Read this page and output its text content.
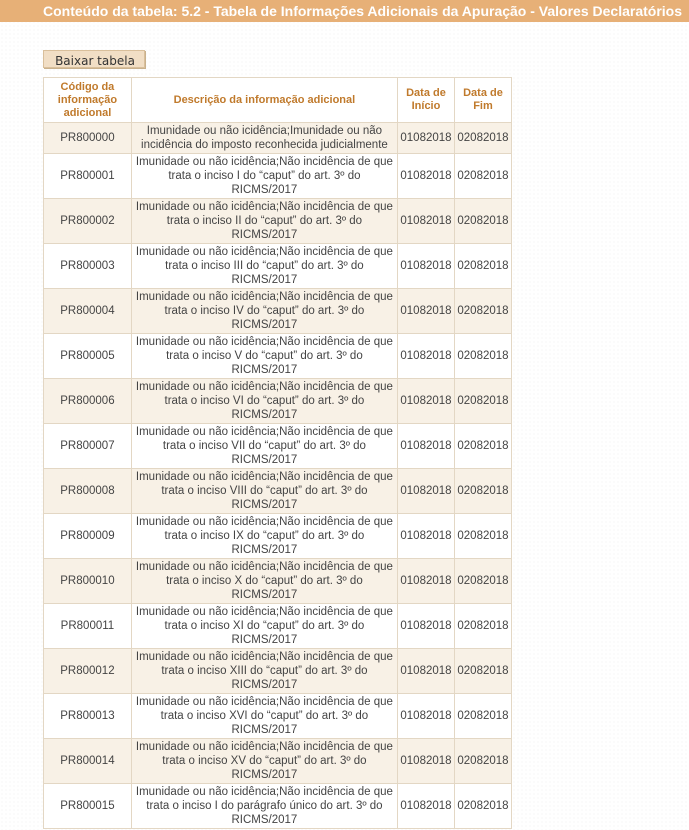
Conteúdo da tabela: 5.2 - Tabela de Informações Adicionais da Apuração - Valores Declaratórios
Baixar tabela
Código da informação adicional	Descrição da informação adicional	Data de Início	Data de Fim
PR800000	Imunidade ou não icidência;Imunidade ou não incidência do imposto reconhecida judicialmente	01082018	02082018
PR800001	Imunidade ou não icidência;Não incidência de que trata o inciso I do “caput” do art. 3º do RICMS/2017	01082018	02082018
PR800002	Imunidade ou não icidência;Não incidência de que trata o inciso II do “caput” do art. 3º do RICMS/2017	01082018	02082018
PR800003	Imunidade ou não icidência;Não incidência de que trata o inciso III do “caput” do art. 3º do RICMS/2017	01082018	02082018
PR800004	Imunidade ou não icidência;Não incidência de que trata o inciso IV do “caput” do art. 3º do RICMS/2017	01082018	02082018
PR800005	Imunidade ou não icidência;Não incidência de que trata o inciso V do “caput” do art. 3º do RICMS/2017	01082018	02082018
PR800006	Imunidade ou não icidência;Não incidência de que trata o inciso VI do “caput” do art. 3º do RICMS/2017	01082018	02082018
PR800007	Imunidade ou não icidência;Não incidência de que trata o inciso VII do “caput” do art. 3º do RICMS/2017	01082018	02082018
PR800008	Imunidade ou não icidência;Não incidência de que trata o inciso VIII do “caput” do art. 3º do RICMS/2017	01082018	02082018
PR800009	Imunidade ou não icidência;Não incidência de que trata o inciso IX do “caput” do art. 3º do RICMS/2017	01082018	02082018
PR800010	Imunidade ou não icidência;Não incidência de que trata o inciso X do “caput” do art. 3º do RICMS/2017	01082018	02082018
PR800011	Imunidade ou não icidência;Não incidência de que trata o inciso XI do “caput” do art. 3º do RICMS/2017	01082018	02082018
PR800012	Imunidade ou não icidência;Não incidência de que trata o inciso XIII do “caput” do art. 3º do RICMS/2017	01082018	02082018
PR800013	Imunidade ou não icidência;Não incidência de que trata o inciso XVI do “caput” do art. 3º do RICMS/2017	01082018	02082018
PR800014	Imunidade ou não icidência;Não incidência de que trata o inciso XV do “caput” do art. 3º do RICMS/2017	01082018	02082018
PR800015	Imunidade ou não icidência;Não incidência de que trata o inciso I do parágrafo único do art. 3º do RICMS/2017	01082018	02082018
